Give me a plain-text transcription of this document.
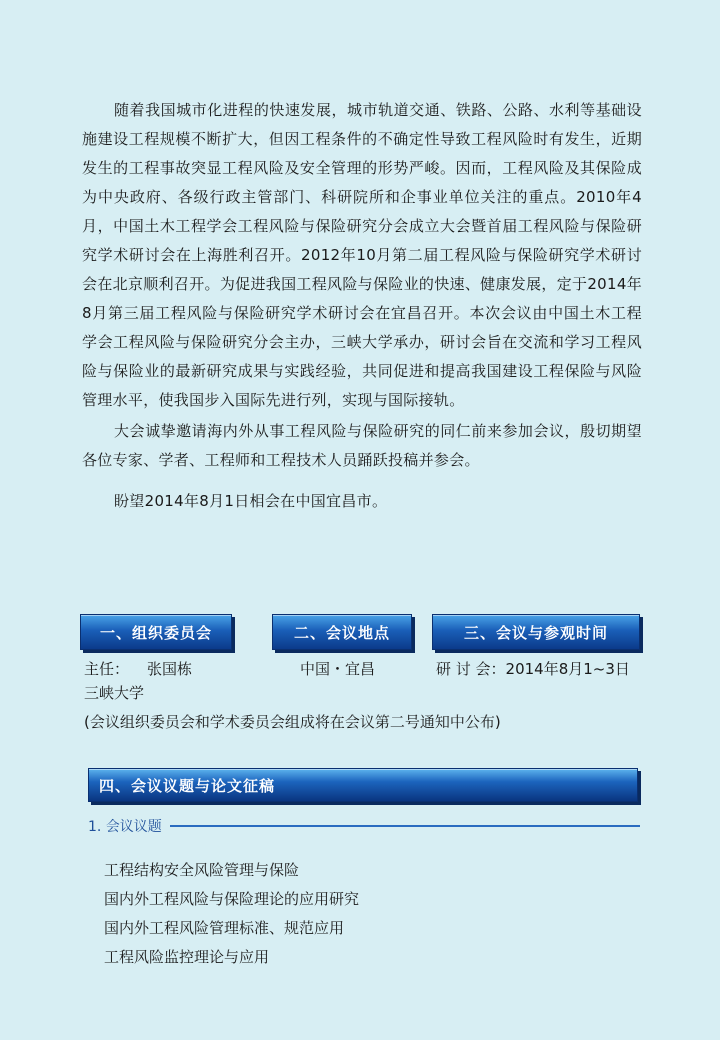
随着我国城市化进程的快速发展，城市轨道交通、铁路、公路、水利等基础设施建设工程规模不断扩大，但因工程条件的不确定性导致工程风险时有发生，近期发生的工程事故突显工程风险及安全管理的形势严峻。因而，工程风险及其保险成为中央政府、各级行政主管部门、科研院所和企事业单位关注的重点。2010年4月，中国土木工程学会工程风险与保险研究分会成立大会暨首届工程风险与保险研究学术研讨会在上海胜利召开。2012年10月第二届工程风险与保险研究学术研讨会在北京顺利召开。为促进我国工程风险与保险业的快速、健康发展，定于2014年8月第三届工程风险与保险研究学术研讨会在宜昌召开。本次会议由中国土木工程学会工程风险与保险研究分会主办，三峡大学承办，研讨会旨在交流和学习工程风险与保险业的最新研究成果与实践经验，共同促进和提高我国建设工程保险与风险管理水平，使我国步入国际先进行列，实现与国际接轨。

大会诚挚邀请海内外从事工程风险与保险研究的同仁前来参加会议，殷切期望各位专家、学者、工程师和工程技术人员踊跃投稿并参会。

盼望2014年8月1日相会在中国宜昌市。

一、组织委员会	二、会议地点	三、会议与参观时间
主任： 张国栋	中国・宜昌	研 讨 会：2014年8月1~3日
三峡大学
(会议组织委员会和学术委员会组成将在会议第二号通知中公布)
四、会议议题与论文征稿
1. 会议议题
工程结构安全风险管理与保险
国内外工程风险与保险理论的应用研究
国内外工程风险管理标准、规范应用
工程风险监控理论与应用
